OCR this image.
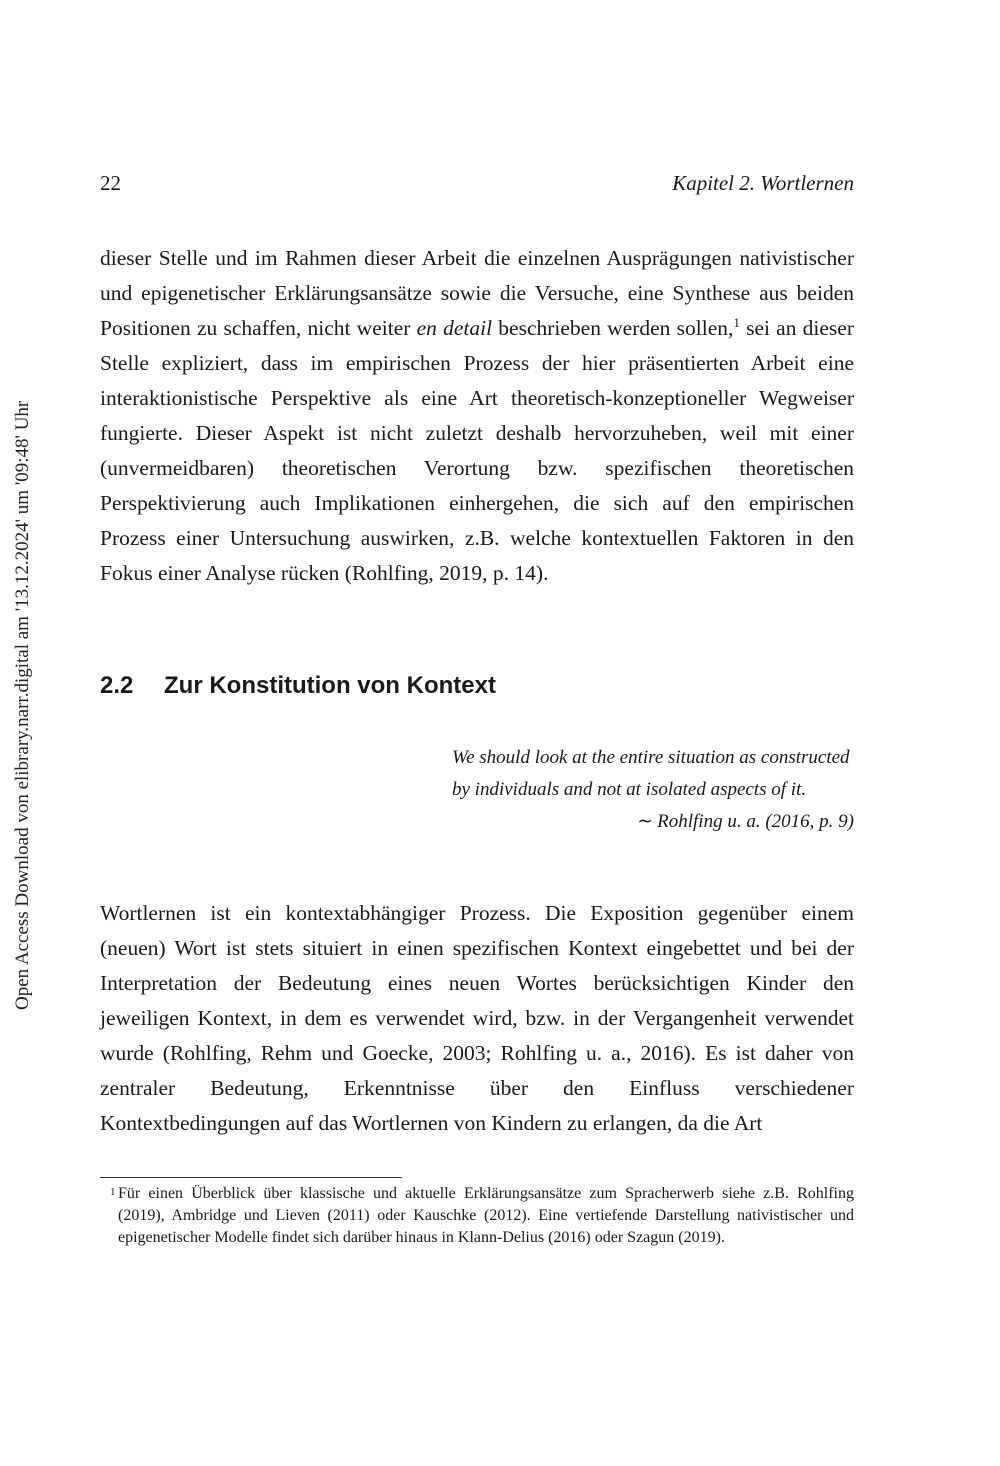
Open Access Download von elibrary.narr.digital am '13.12.2024' um '09:48' Uhr
22	Kapitel 2. Wortlernen

dieser Stelle und im Rahmen dieser Arbeit die einzelnen Ausprägungen nativistischer und epigenetischer Erklärungsansätze sowie die Versuche, eine Synthese aus beiden Positionen zu schaffen, nicht weiter en detail beschrieben werden sollen,$^1$ sei an dieser Stelle expliziert, dass im empirischen Prozess der hier präsentierten Arbeit eine interaktionistische Perspektive als eine Art theoretisch-konzeptioneller Wegweiser fungierte. Dieser Aspekt ist nicht zuletzt deshalb hervorzuheben, weil mit einer (unvermeidbaren) theoretischen Verortung bzw. spezifischen theoretischen Perspektivierung auch Implikationen einhergehen, die sich auf den empirischen Prozess einer Untersuchung auswirken, z.B. welche kontextuellen Faktoren in den Fokus einer Analyse rücken (Rohlfing, 2019, p. 14).

2.2 Zur Konstitution von Kontext
We should look at the entire situation as constructed by individuals and not at isolated aspects of it.
∼ Rohlfing u. a. (2016, p. 9)

Wortlernen ist ein kontextabhängiger Prozess. Die Exposition gegenüber einem (neuen) Wort ist stets situiert in einen spezifischen Kontext eingebettet und bei der Interpretation der Bedeutung eines neuen Wortes berücksichtigen Kinder den jeweiligen Kontext, in dem es verwendet wird, bzw. in der Vergangenheit verwendet wurde (Rohlfing, Rehm und Goecke, 2003; Rohlfing u. a., 2016). Es ist daher von zentraler Bedeutung, Erkenntnisse über den Einfluss verschiedener Kontextbedingungen auf das Wortlernen von Kindern zu erlangen, da die Art

1 Für einen Überblick über klassische und aktuelle Erklärungsansätze zum Spracherwerb siehe z.B. Rohlfing (2019), Ambridge und Lieven (2011) oder Kauschke (2012). Eine vertiefende Darstellung nativistischer und epigenetischer Modelle findet sich darüber hinaus in Klann-Delius (2016) oder Szagun (2019).
